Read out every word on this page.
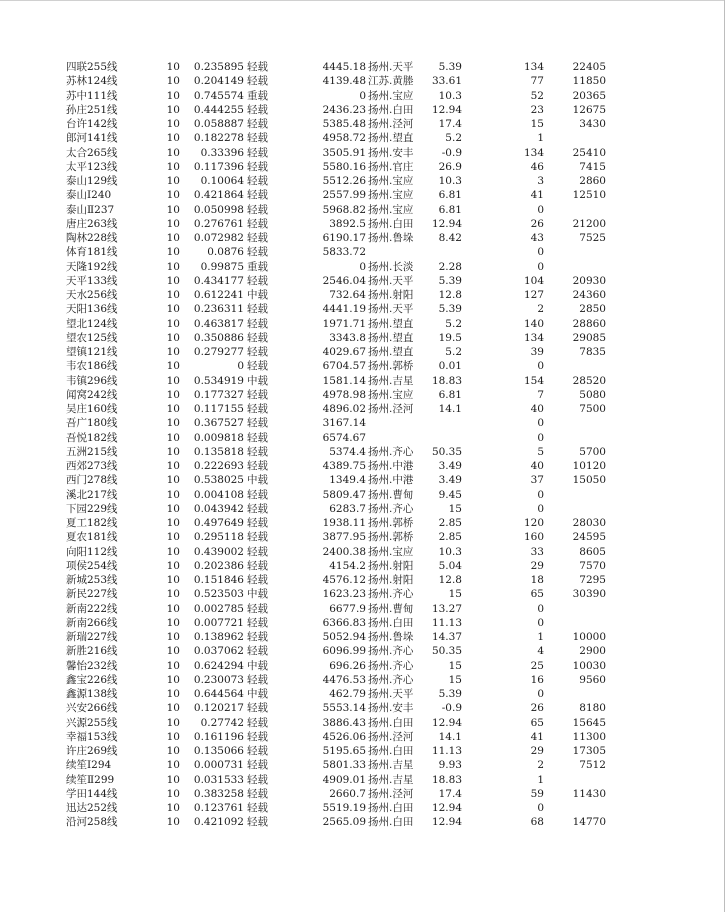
四联255线	10	0.235895 轻载	4445.18 扬州.天平	5.39	134	22405
苏林124线	10	0.204149 轻载	4139.48 江苏.黄塍	33.61	77	11850
苏中111线	10	0.745574 重载	0 扬州.宝应	10.3	52	20365
孙庄251线	10	0.444255 轻载	2436.23 扬州.白田	12.94	23	12675
台许142线	10	0.058887 轻载	5385.48 扬州.泾河	17.4	15	3430
郎河141线	10	0.182278 轻载	4958.72 扬州.望直	5.2	1
太合265线	10	0.33396 轻载	3505.91 扬州.安丰	-0.9	134	25410
太平123线	10	0.117396 轻载	5580.16 扬州.官庄	26.9	46	7415
泰山129线	10	0.10064 轻载	5512.26 扬州.宝应	10.3	3	2860
泰山Ⅰ240	10	0.421864 轻载	2557.99 扬州.宝应	6.81	41	12510
泰山Ⅱ237	10	0.050998 轻载	5968.82 扬州.宝应	6.81	0
唐庄263线	10	0.276761 轻载	3892.5 扬州.白田	12.94	26	21200
陶林228线	10	0.072982 轻载	6190.17 扬州.鲁垛	8.42	43	7525
体育181线	10	0.0876 轻载	5833.72	0
天隆192线	10	0.99875 重载	0 扬州.长淡	2.28	0
天平133线	10	0.434177 轻载	2546.04 扬州.天平	5.39	104	20930
天水256线	10	0.612241 中载	732.64 扬州.射阳	12.8	127	24360
天阳136线	10	0.236311 轻载	4441.19 扬州.天平	5.39	2	2850
望北124线	10	0.463817 轻载	1971.71 扬州.望直	5.2	140	28860
望农125线	10	0.350886 轻载	3343.8 扬州.望直	19.5	134	29085
望镇121线	10	0.279277 轻载	4029.67 扬州.望直	5.2	39	7835
韦农186线	10	0 轻载	6704.57 扬州.郭桥	0.01	0
韦镇296线	10	0.534919 中载	1581.14 扬州.吉星	18.83	154	28520
闻窝242线	10	0.177327 轻载	4978.98 扬州.宝应	6.81	7	5080
吴庄160线	10	0.117155 轻载	4896.02 扬州.泾河	14.1	40	7500
吾广180线	10	0.367527 轻载	3167.14	0
吾悦182线	10	0.009818 轻载	6574.67	0
五洲215线	10	0.135818 轻载	5374.4 扬州.齐心	50.35	5	5700
西郊273线	10	0.222693 轻载	4389.75 扬州.中港	3.49	40	10120
西门278线	10	0.538025 中载	1349.4 扬州.中港	3.49	37	15050
溪北217线	10	0.004108 轻载	5809.47 扬州.曹甸	9.45	0
下园229线	10	0.043942 轻载	6283.7 扬州.齐心	15	0
夏工182线	10	0.497649 轻载	1938.11 扬州.郭桥	2.85	120	28030
夏农181线	10	0.295118 轻载	3877.95 扬州.郭桥	2.85	160	24595
向阳112线	10	0.439002 轻载	2400.38 扬州.宝应	10.3	33	8605
项侯254线	10	0.202386 轻载	4154.2 扬州.射阳	5.04	29	7570
新城253线	10	0.151846 轻载	4576.12 扬州.射阳	12.8	18	7295
新民227线	10	0.523503 中载	1623.23 扬州.齐心	15	65	30390
新南222线	10	0.002785 轻载	6677.9 扬州.曹甸	13.27	0
新南266线	10	0.007721 轻载	6366.83 扬州.白田	11.13	0
新瑞227线	10	0.138962 轻载	5052.94 扬州.鲁垛	14.37	1	10000
新胜216线	10	0.037062 轻载	6096.99 扬州.齐心	50.35	4	2900
馨怡232线	10	0.624294 中载	696.26 扬州.齐心	15	25	10030
鑫宝226线	10	0.230073 轻载	4476.53 扬州.齐心	15	16	9560
鑫源138线	10	0.644564 中载	462.79 扬州.天平	5.39	0
兴安266线	10	0.120217 轻载	5553.14 扬州.安丰	-0.9	26	8180
兴源255线	10	0.27742 轻载	3886.43 扬州.白田	12.94	65	15645
幸福153线	10	0.161196 轻载	4526.06 扬州.泾河	14.1	41	11300
许庄269线	10	0.135066 轻载	5195.65 扬州.白田	11.13	29	17305
续笙Ⅰ294	10	0.000731 轻载	5801.33 扬州.吉星	9.93	2	7512
续笙Ⅱ299	10	0.031533 轻载	4909.01 扬州.吉星	18.83	1
学田144线	10	0.383258 轻载	2660.7 扬州.泾河	17.4	59	11430
迅达252线	10	0.123761 轻载	5519.19 扬州.白田	12.94	0
沿河258线	10	0.421092 轻载	2565.09 扬州.白田	12.94	68	14770
